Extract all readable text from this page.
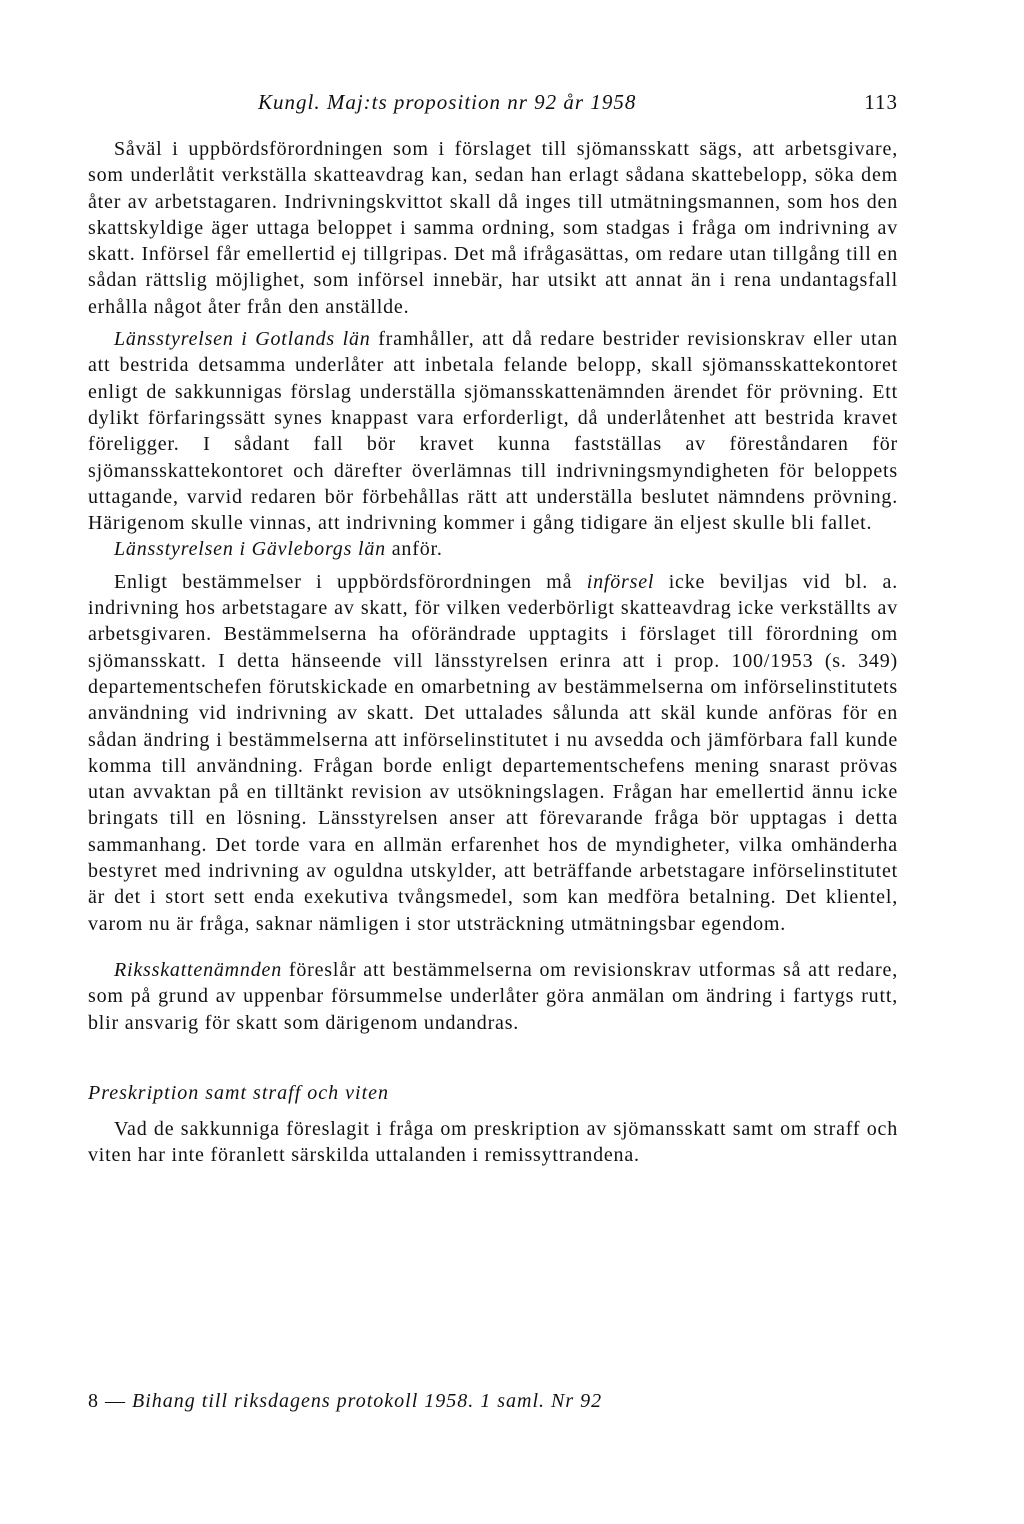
Kungl. Maj:ts proposition nr 92 år 1958	113

Såväl i uppbördsförordningen som i förslaget till sjömansskatt sägs, att arbetsgivare, som underlåtit verkställa skatteavdrag kan, sedan han erlagt sådana skattebelopp, söka dem åter av arbetstagaren. Indrivningskvittot skall då inges till utmätningsmannen, som hos den skattskyldige äger uttaga beloppet i samma ordning, som stadgas i fråga om indrivning av skatt. Införsel får emellertid ej tillgripas. Det må ifrågasättas, om redare utan tillgång till en sådan rättslig möjlighet, som införsel innebär, har utsikt att annat än i rena undantagsfall erhålla något åter från den anställde.

Länsstyrelsen i Gotlands län framhåller, att då redare bestrider revisionskrav eller utan att bestrida detsamma underlåter att inbetala felande belopp, skall sjömansskattekontoret enligt de sakkunnigas förslag underställa sjömansskattenämnden ärendet för prövning. Ett dylikt förfaringssätt synes knappast vara erforderligt, då underlåtenhet att bestrida kravet föreligger. I sådant fall bör kravet kunna fastställas av föreståndaren för sjömansskattekontoret och därefter överlämnas till indrivningsmyndigheten för beloppets uttagande, varvid redaren bör förbehållas rätt att underställa beslutet nämndens prövning. Härigenom skulle vinnas, att indrivning kommer i gång tidigare än eljest skulle bli fallet.

Länsstyrelsen i Gävleborgs län anför.

Enligt bestämmelser i uppbördsförordningen må införsel icke beviljas vid bl. a. indrivning hos arbetstagare av skatt, för vilken vederbörligt skatteavdrag icke verkställts av arbetsgivaren. Bestämmelserna ha oförändrade upptagits i förslaget till förordning om sjömansskatt. I detta hänseende vill länsstyrelsen erinra att i prop. 100/1953 (s. 349) departementschefen förutskickade en omarbetning av bestämmelserna om införselinstitutets användning vid indrivning av skatt. Det uttalades sålunda att skäl kunde anföras för en sådan ändring i bestämmelserna att införselinstitutet i nu avsedda och jämförbara fall kunde komma till användning. Frågan borde enligt departementschefens mening snarast prövas utan avvaktan på en tilltänkt revision av utsökningslagen. Frågan har emellertid ännu icke bringats till en lösning. Länsstyrelsen anser att förevarande fråga bör upptagas i detta sammanhang. Det torde vara en allmän erfarenhet hos de myndigheter, vilka omhänderha bestyret med indrivning av oguldna utskylder, att beträffande arbetstagare införselinstitutet är det i stort sett enda exekutiva tvångsmedel, som kan medföra betalning. Det klientel, varom nu är fråga, saknar nämligen i stor utsträckning utmätningsbar egendom.

Riksskattenämnden föreslår att bestämmelserna om revisionskrav utformas så att redare, som på grund av uppenbar försummelse underlåter göra anmälan om ändring i fartygs rutt, blir ansvarig för skatt som därigenom undandras.

Preskription samt straff och viten

Vad de sakkunniga föreslagit i fråga om preskription av sjömansskatt samt om straff och viten har inte föranlett särskilda uttalanden i remissyttrandena.

8 — Bihang till riksdagens protokoll 1958. 1 saml. Nr 92
